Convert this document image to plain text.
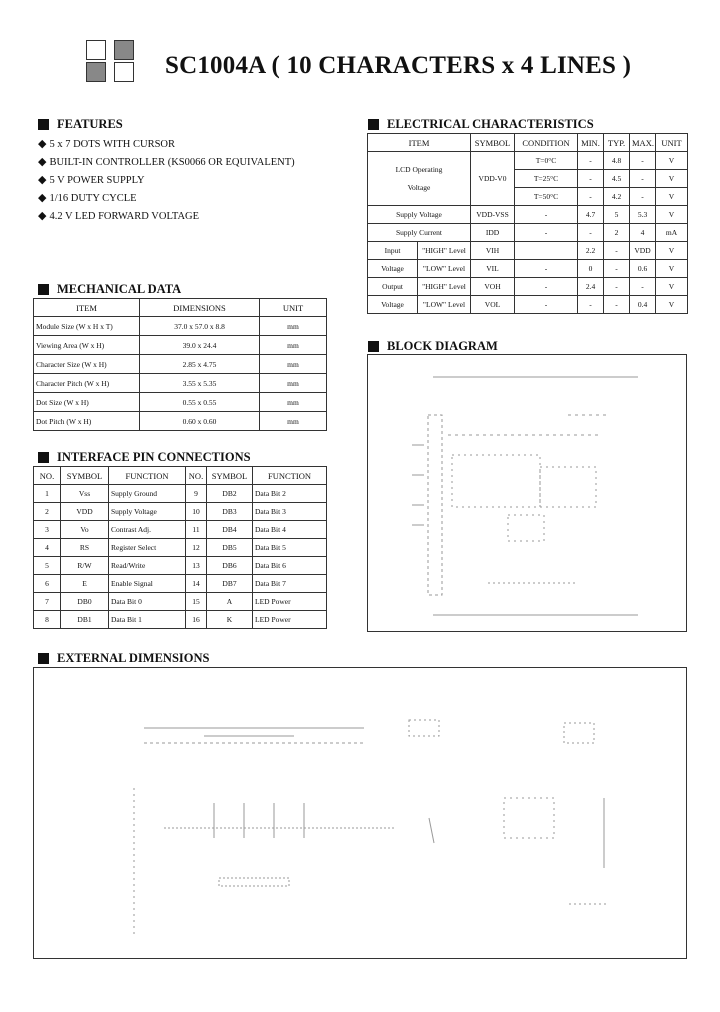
SC1004A ( 10 CHARACTERS x 4 LINES )
FEATURES
◆ 5 x 7 DOTS WITH CURSOR
◆ BUILT-IN CONTROLLER (KS0066 OR EQUIVALENT)
◆ 5 V POWER SUPPLY
◆ 1/16 DUTY CYCLE
◆ 4.2 V LED FORWARD VOLTAGE
ELECTRICAL CHARACTERISTICS
ITEM		SYMBOL	CONDITION	MIN.	TYP.	MAX.	UNIT
LCD Operating
Voltage		VDD-V0	T=0°C	-	4.8	-	V
			T=25°C	-	4.5	-	V
			T=50°C	-	4.2	-	V
Supply Voltage		VDD-VSS	-	4.7	5	5.3	V
Supply Current		IDD	-	-	2	4	mA
Input	"HIGH" Level	VIH		2.2	-	VDD	V
Voltage	"LOW" Level	VIL	-	0	-	0.6	V
Output	"HIGH" Level	VOH	-	2.4	-	-	V
Voltage	"LOW" Level	VOL	-	-	-	0.4	V
MECHANICAL DATA
ITEM	DIMENSIONS	UNIT
Module Size (W x H x T)	37.0 x 57.0 x 8.8	mm
Viewing Area (W x H)	39.0 x 24.4	mm
Character Size (W x H)	2.85 x 4.75	mm
Character Pitch (W x H)	3.55 x 5.35	mm
Dot Size (W x H)	0.55 x 0.55	mm
Dot Pitch (W x H)	0.60 x 0.60	mm
INTERFACE PIN CONNECTIONS
NO.	SYMBOL	FUNCTION	NO.	SYMBOL	FUNCTION
1	Vss	Supply Ground	9	DB2	Data Bit 2
2	VDD	Supply Voltage	10	DB3	Data Bit 3
3	Vo	Contrast Adj.	11	DB4	Data Bit 4
4	RS	Register Select	12	DB5	Data Bit 5
5	R/W	Read/Write	13	DB6	Data Bit 6
6	E	Enable Signal	14	DB7	Data Bit 7
7	DB0	Data Bit 0	15	A	LED Power
8	DB1	Data Bit 1	16	K	LED Power
BLOCK DIAGRAM
EXTERNAL DIMENSIONS
